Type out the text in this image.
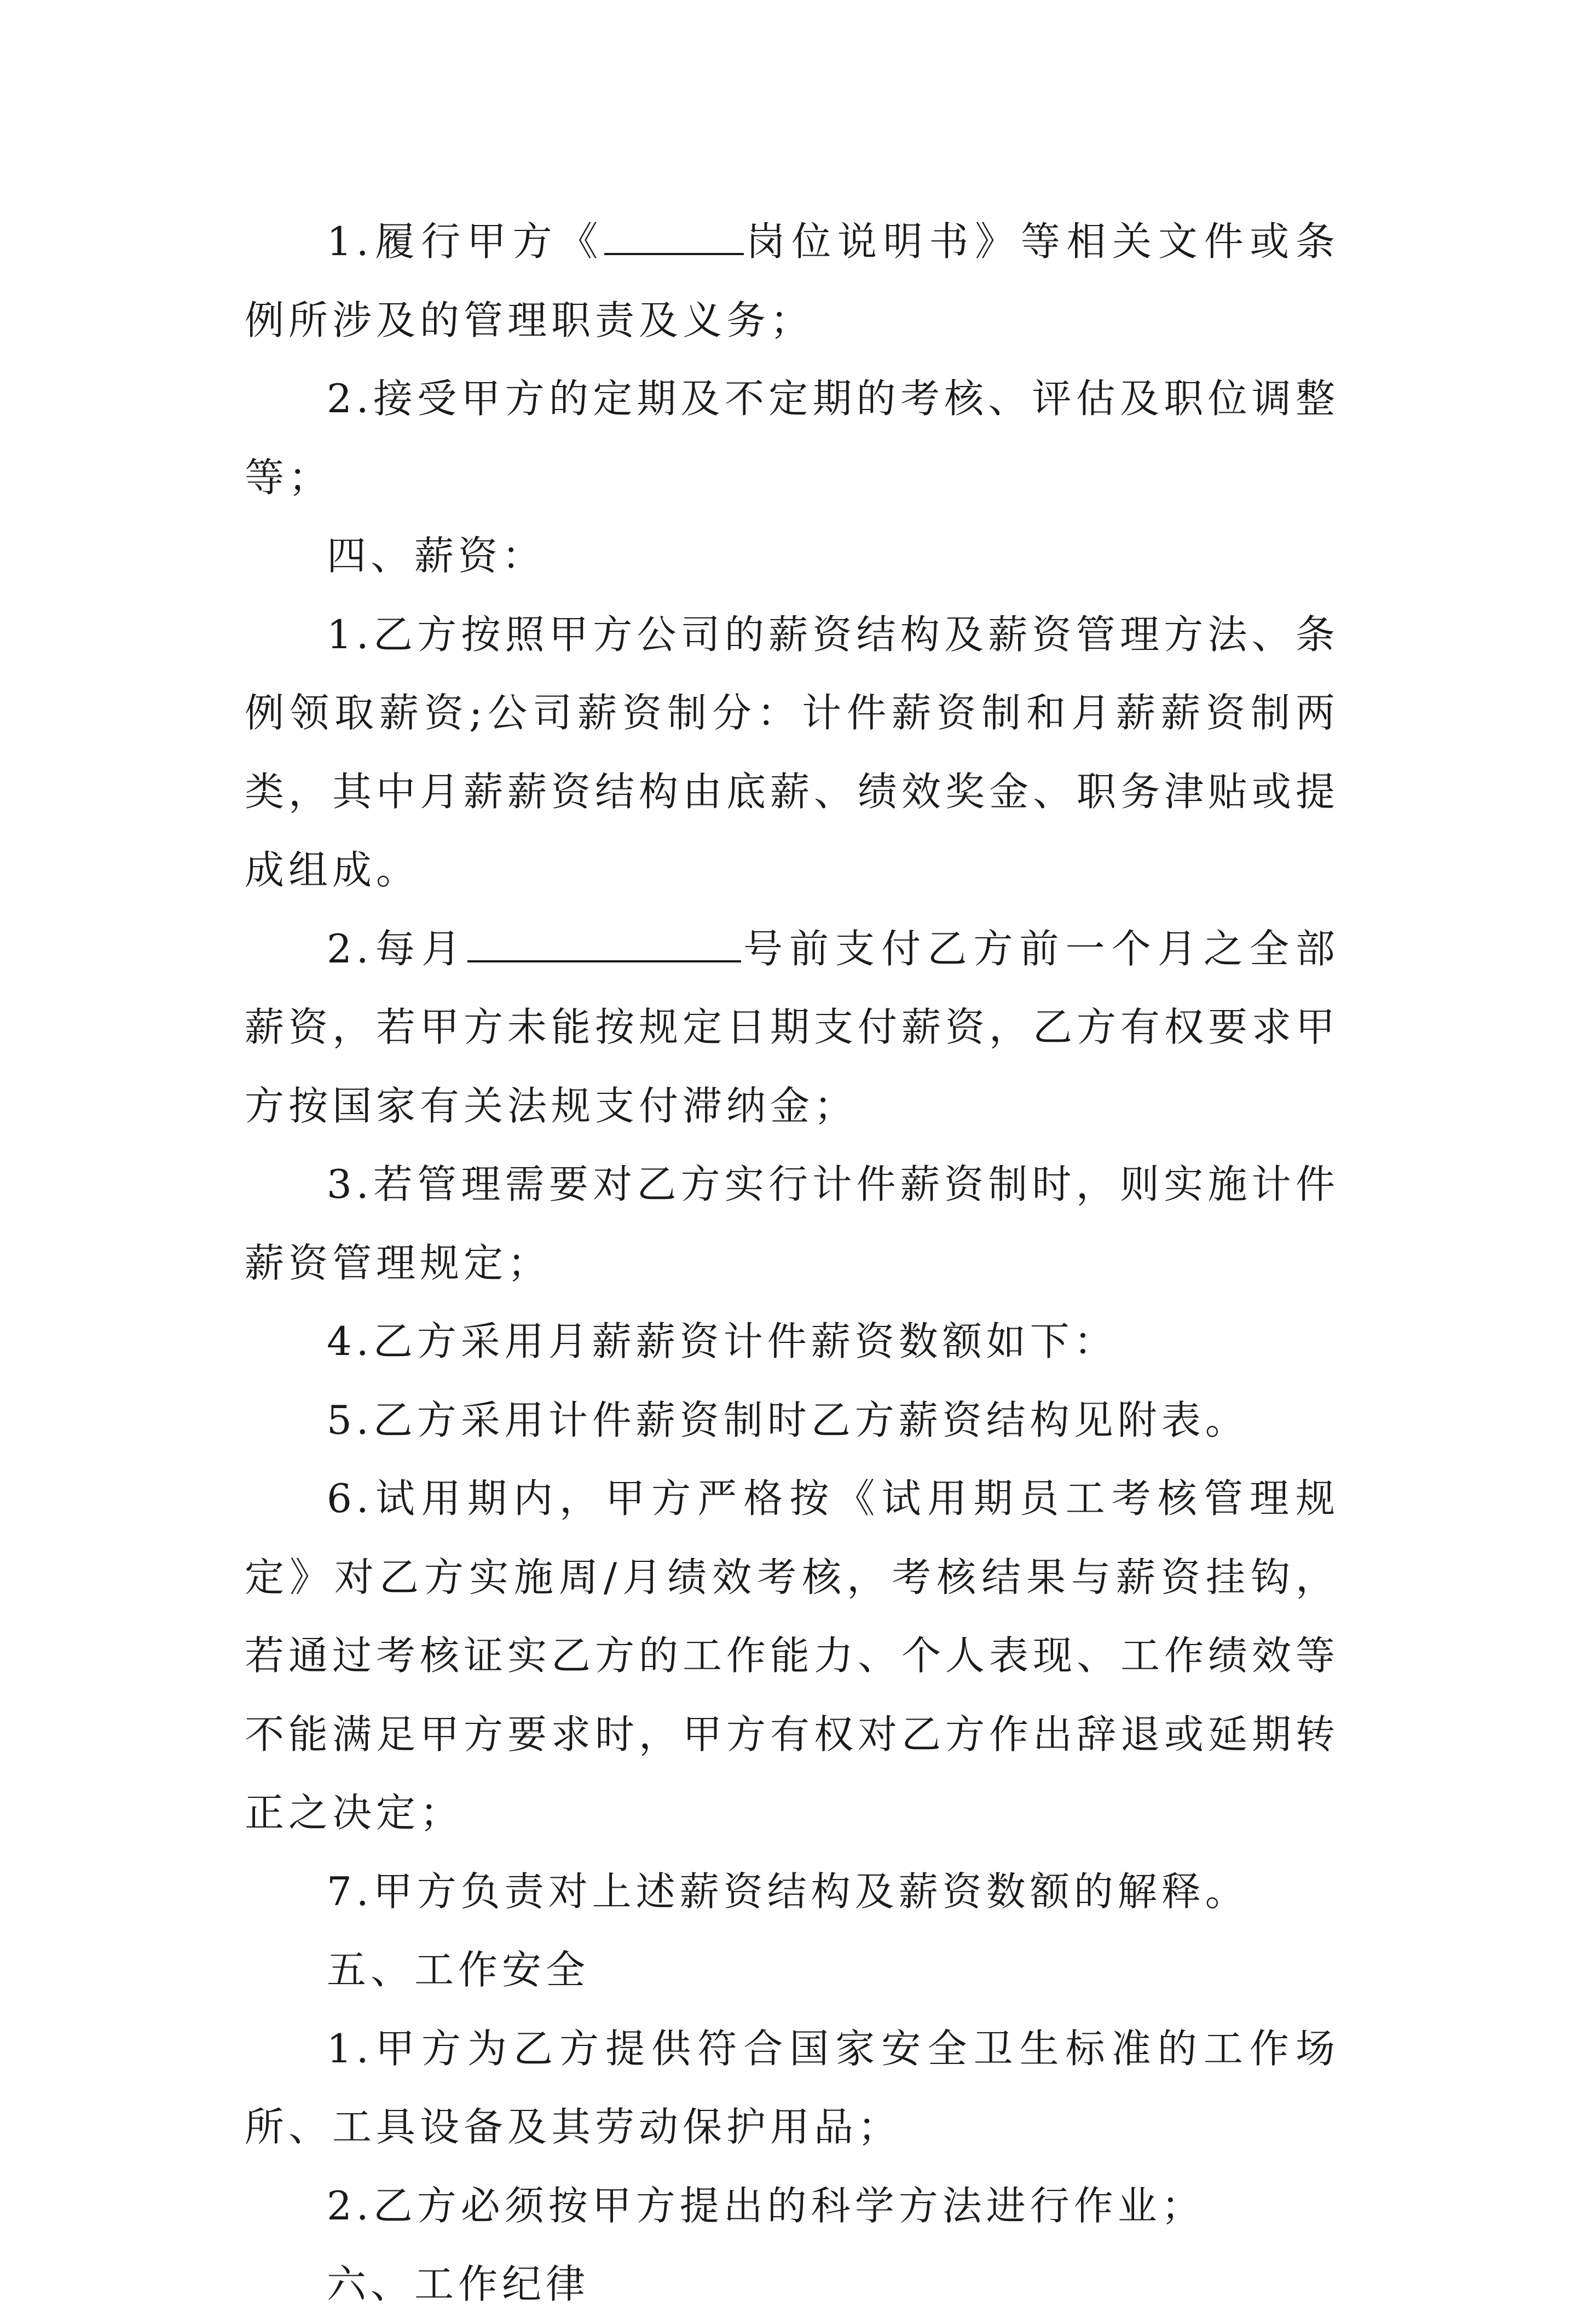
1.履行甲方《	岗位说明书》等相关文件或条例所涉及的管理职责及义务；

2.接受甲方的定期及不定期的考核、评估及职位调整等；

四、薪资：

1.乙方按照甲方公司的薪资结构及薪资管理方法、条例领取薪资;公司薪资制分：计件薪资制和月薪薪资制两类，其中月薪薪资结构由底薪、绩效奖金、职务津贴或提成组成。

2.每月	号前支付乙方前一个月之全部薪资，若甲方未能按规定日期支付薪资，乙方有权要求甲方按国家有关法规支付滞纳金；

3.若管理需要对乙方实行计件薪资制时，则实施计件薪资管理规定；

4.乙方采用月薪薪资计件薪资数额如下：

5.乙方采用计件薪资制时乙方薪资结构见附表。

6.试用期内，甲方严格按《试用期员工考核管理规定》对乙方实施周/月绩效考核，考核结果与薪资挂钩，若通过考核证实乙方的工作能力、个人表现、工作绩效等不能满足甲方要求时，甲方有权对乙方作出辞退或延期转正之决定；

7.甲方负责对上述薪资结构及薪资数额的解释。

五、工作安全

1.甲方为乙方提供符合国家安全卫生标准的工作场所、工具设备及其劳动保护用品；

2.乙方必须按甲方提出的科学方法进行作业；

六、工作纪律
